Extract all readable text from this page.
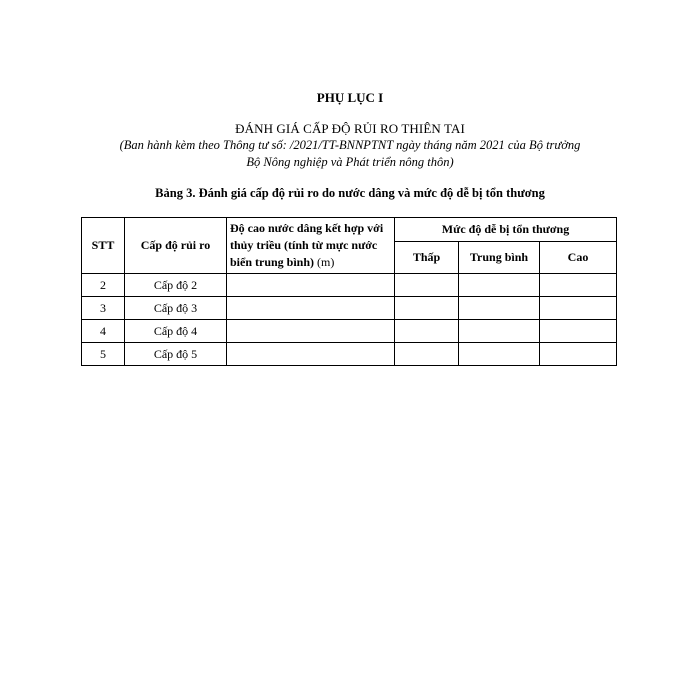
PHỤ LỤC I
ĐÁNH GIÁ CẤP ĐỘ RỦI RO THIÊN TAI
(Ban hành kèm theo Thông tư số: /2021/TT-BNNPTNT ngày tháng năm 2021 của Bộ trưởng
Bộ Nông nghiệp và Phát triển nông thôn)
Bảng 3. Đánh giá cấp độ rủi ro do nước dâng và mức độ dễ bị tổn thương
STT	Cấp độ rủi ro	Độ cao nước dâng kết hợp với thủy triều (tính từ mực nước biển trung bình) (m)	Mức độ dễ bị tổn thương		
			Thấp	Trung bình	Cao
2	Cấp độ 2				
3	Cấp độ 3				
4	Cấp độ 4				
5	Cấp độ 5				
